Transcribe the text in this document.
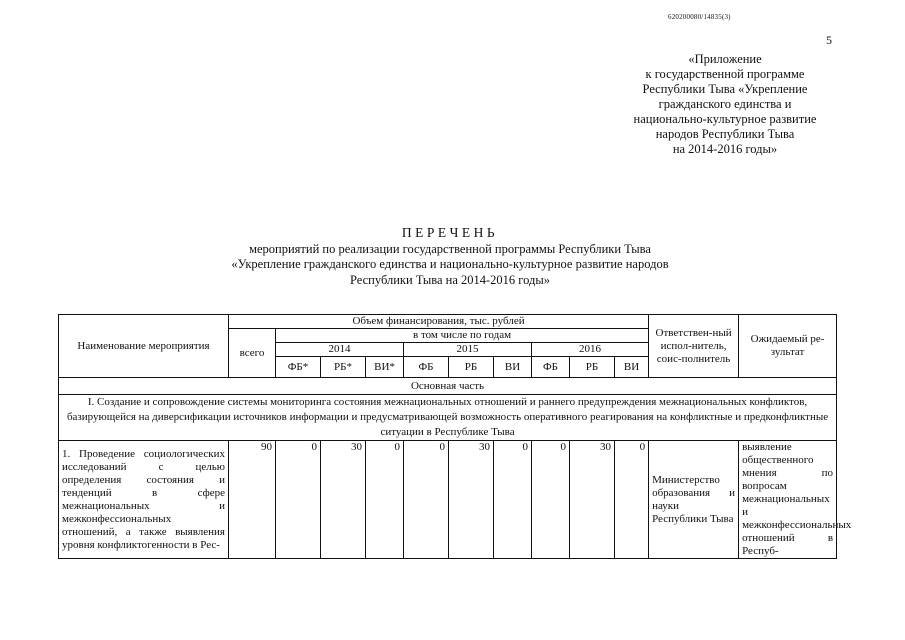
620200080/14835(3)
5
«Приложение
к государственной программе
Республики Тыва «Укрепление
гражданского единства и
национально-культурное развитие
народов Республики Тыва
на 2014-2016 годы»
ПЕРЕЧЕНЬ
мероприятий по реализации государственной программы Республики Тыва
«Укрепление гражданского единства и национально-культурное развитие народов
Республики Тыва на 2014-2016 годы»
Наименование мероприятия	Объем финансирования, тыс. рублей										Ответствен-ный испол-нитель, соис-полнитель	Ожидаемый ре-зультат
	всего	в том числе по годам										
		2014			2015			2016				
		ФБ*	РБ*	ВИ*	ФБ	РБ	ВИ	ФБ	РБ	ВИ		
Основная часть												
I. Создание и сопровождение системы мониторинга состояния межнациональных отношений и раннего предупреждения межнациональных конфликтов, базирующейся на диверсификации источников информации и предусматривающей возможность оперативного реагирования на конфликтные и предконфликтные ситуации в Республике Тыва												
1. Проведение социологических исследований с целью определения состояния и тенденций в сфере межнациональных и межконфессиональных отношений, а также выявления уровня конфликтогенности в Рес-	90	0	30	0	0	30	0	0	30	0	Министерство образования и науки Республики Тыва	выявление общественного мнения по вопросам межнациональных и межконфессиональных отношений в Респуб-
